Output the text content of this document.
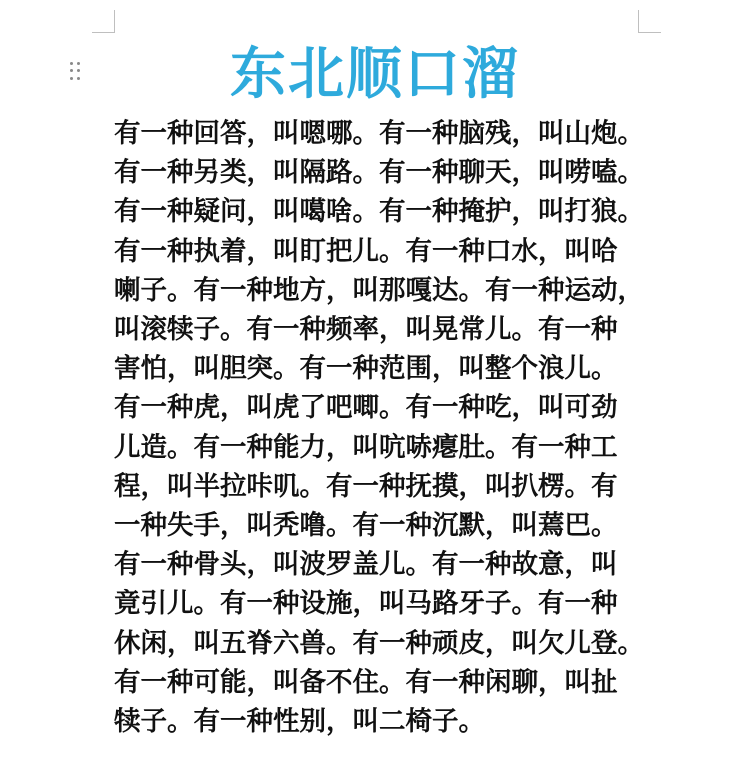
东北顺口溜
有一种回答，叫嗯哪。有一种脑残，叫山炮。
有一种另类，叫隔路。有一种聊天，叫唠嗑。
有一种疑问，叫噶啥。有一种掩护，叫打狼。
有一种执着，叫盯把儿。有一种口水，叫哈
喇子。有一种地方，叫那嘎达。有一种运动，
叫滚犊子。有一种频率，叫晃常儿。有一种
害怕，叫胆突。有一种范围，叫整个浪儿。
有一种虎，叫虎了吧唧。有一种吃，叫可劲
儿造。有一种能力，叫吭哧瘪肚。有一种工
程，叫半拉咔叽。有一种抚摸，叫扒楞。有
一种失手，叫秃噜。有一种沉默，叫蔫巴。
有一种骨头，叫波罗盖儿。有一种故意，叫
竟引儿。有一种设施，叫马路牙子。有一种
休闲，叫五脊六兽。有一种顽皮，叫欠儿登。
有一种可能，叫备不住。有一种闲聊，叫扯
犊子。有一种性别，叫二椅子。
